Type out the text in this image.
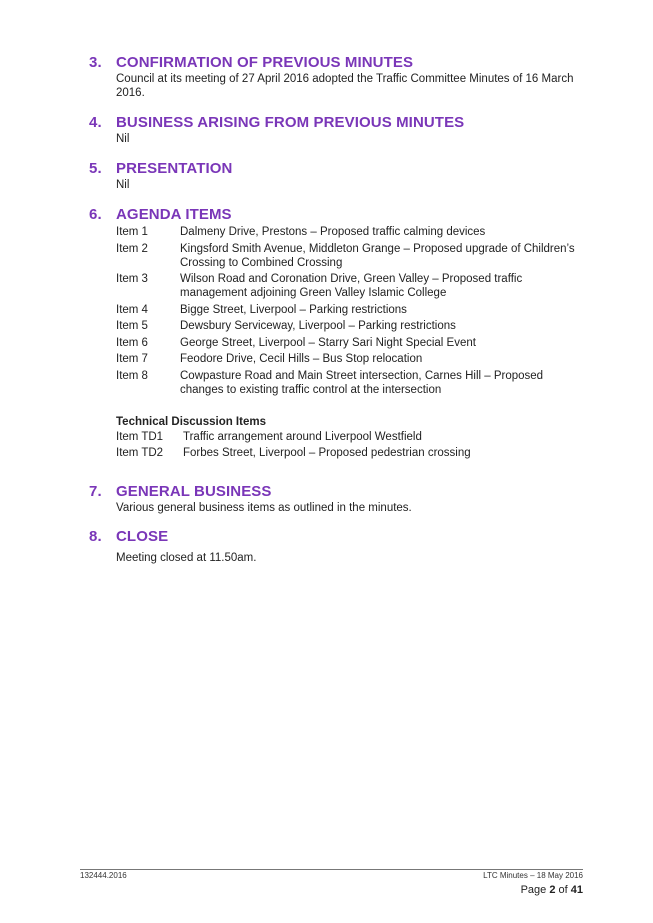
3. CONFIRMATION OF PREVIOUS MINUTES
Council at its meeting of 27 April 2016 adopted the Traffic Committee Minutes of 16 March 2016.
4. BUSINESS ARISING FROM PREVIOUS MINUTES
Nil
5. PRESENTATION
Nil
6. AGENDA ITEMS
Item 1	Dalmeny Drive, Prestons – Proposed traffic calming devices
Item 2	Kingsford Smith Avenue, Middleton Grange – Proposed upgrade of Children’s Crossing to Combined Crossing
Item 3	Wilson Road and Coronation Drive, Green Valley – Proposed traffic management adjoining Green Valley Islamic College
Item 4	Bigge Street, Liverpool – Parking restrictions
Item 5	Dewsbury Serviceway, Liverpool – Parking restrictions
Item 6	George Street, Liverpool – Starry Sari Night Special Event
Item 7	Feodore Drive, Cecil Hills – Bus Stop relocation
Item 8	Cowpasture Road and Main Street intersection, Carnes Hill – Proposed changes to existing traffic control at the intersection
Technical Discussion Items
Item TD1	Traffic arrangement around Liverpool Westfield
Item TD2	Forbes Street, Liverpool – Proposed pedestrian crossing
7. GENERAL BUSINESS
Various general business items as outlined in the minutes.
8. CLOSE
Meeting closed at 11.50am.
132444.2016	LTC Minutes – 18 May 2016
Page 2 of 41
